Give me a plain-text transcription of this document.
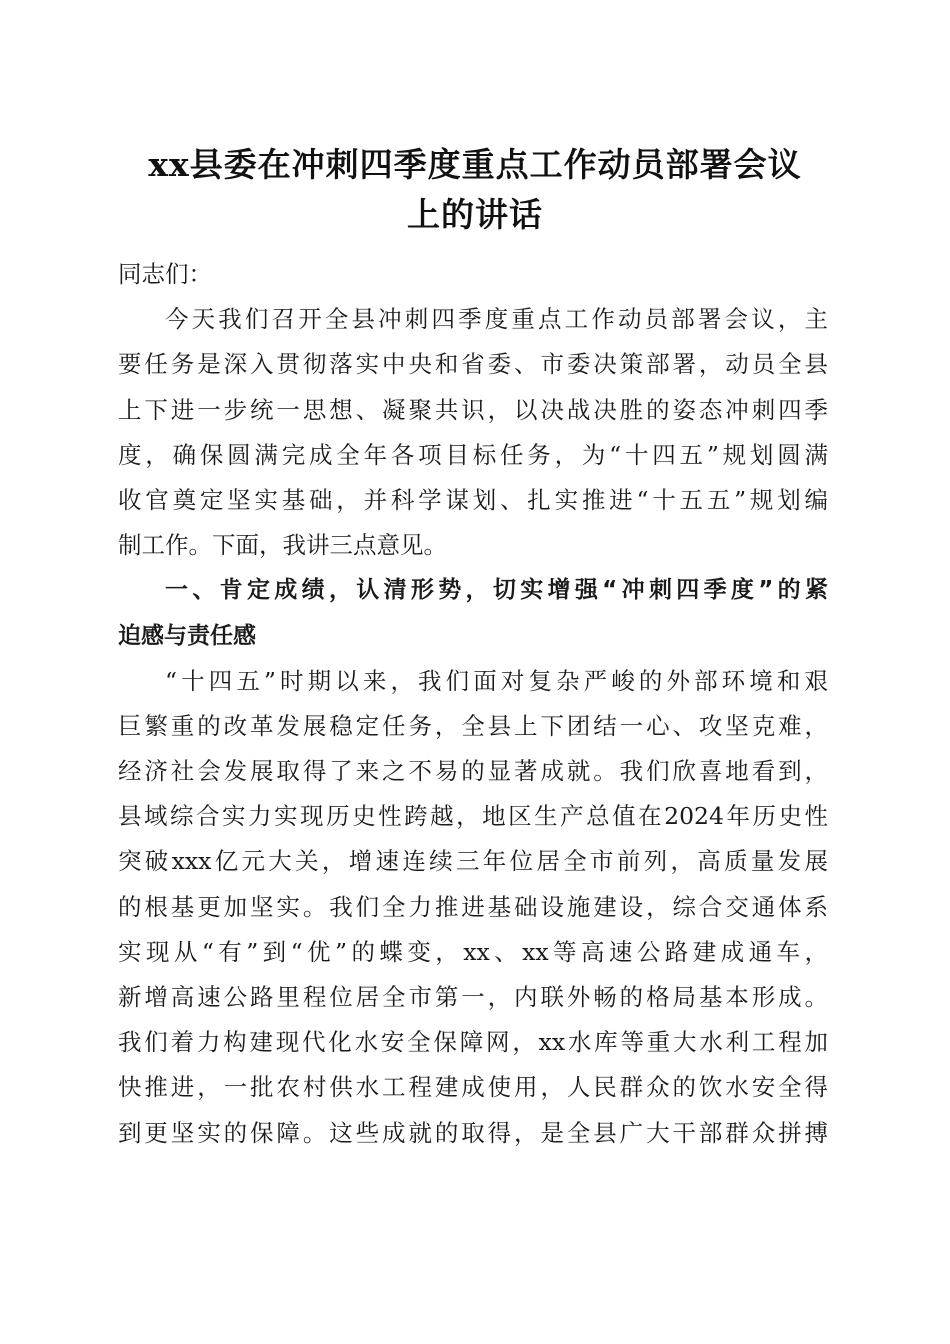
xx县委在冲刺四季度重点工作动员部署会议
上的讲话
同志们：
今天我们召开全县冲刺四季度重点工作动员部署会议，主
要任务是深入贯彻落实中央和省委、市委决策部署，动员全县
上下进一步统一思想、凝聚共识，以决战决胜的姿态冲刺四季
度，确保圆满完成全年各项目标任务，为“十四五”规划圆满
收官奠定坚实基础，并科学谋划、扎实推进“十五五”规划编
制工作。下面，我讲三点意见。
一、肯定成绩，认清形势，切实增强“冲刺四季度”的紧
迫感与责任感
“十四五”时期以来，我们面对复杂严峻的外部环境和艰
巨繁重的改革发展稳定任务，全县上下团结一心、攻坚克难，
经济社会发展取得了来之不易的显著成就。我们欣喜地看到，
县域综合实力实现历史性跨越，地区生产总值在2024年历史性
突破xxx亿元大关，增速连续三年位居全市前列，高质量发展
的根基更加坚实。我们全力推进基础设施建设，综合交通体系
实现从“有”到“优”的蝶变，xx、xx等高速公路建成通车，
新增高速公路里程位居全市第一，内联外畅的格局基本形成。
我们着力构建现代化水安全保障网，xx水库等重大水利工程加
快推进，一批农村供水工程建成使用，人民群众的饮水安全得
到更坚实的保障。这些成就的取得，是全县广大干部群众拼搏
